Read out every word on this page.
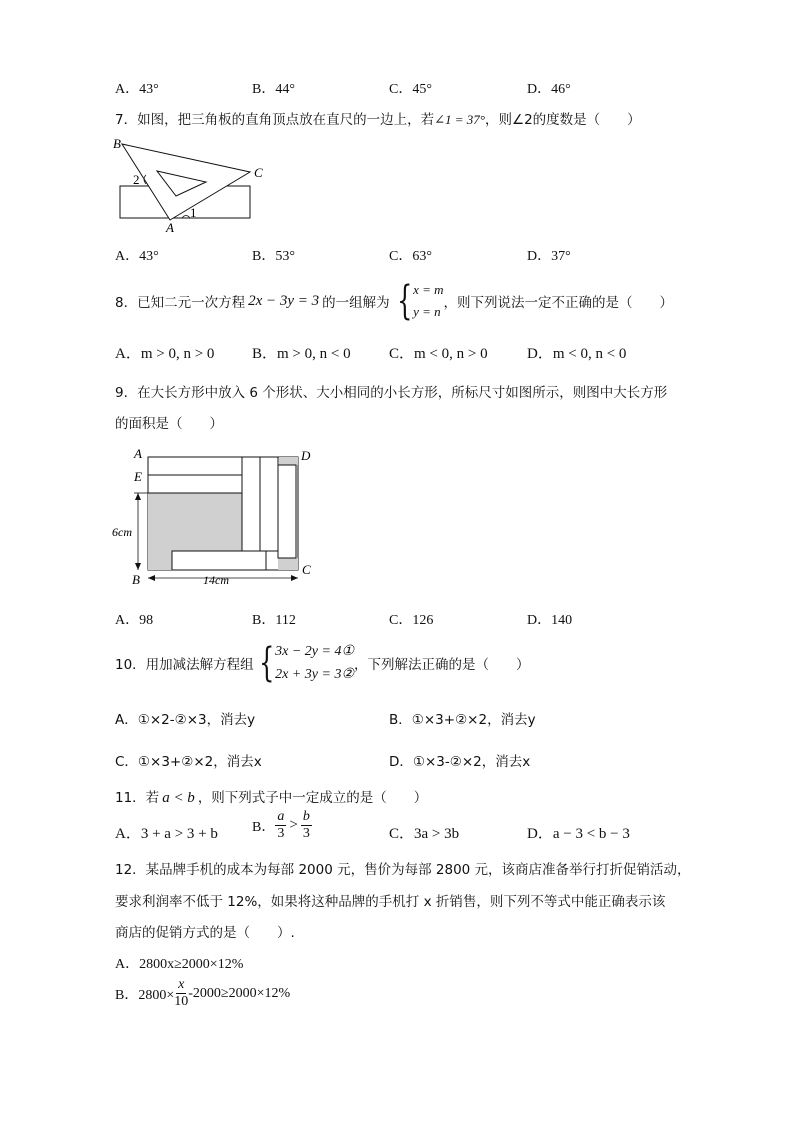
A．43°	B．44°	C．45°	D．46°
7．如图，把三角板的直角顶点放在直尺的一边上，若∠1 = 37°，则∠2的度数是（　　）
B
C
A
2
1
A．43°	B．53°	C．63°	D．37°
8．已知二元一次方程 2x − 3y = 3 的一组解为 { x = m
y = n
，则下列说法一定不正确的是（　　）
A．m > 0, n > 0	B．m > 0, n < 0	C．m < 0, n > 0	D．m < 0, n < 0
9．在大长方形中放入 6 个形状、大小相同的小长方形，所标尺寸如图所示，则图中大长方形
的面积是（　　）
A	D
E
6cm
B
C
14cm
A．98	B．112	C．126	D．140
10．用加减法解方程组 { 3x − 2y = 4①
2x + 3y = 3②
，下列解法正确的是（　　）
A．①×2-②×3，消去y	B．①×3+②×2，消去y
C．①×3+②×2，消去x	D．①×3-②×2，消去x
11．若 a < b ，则下列式子中一定成立的是（　　）
A．3 + a > 3 + b B． $\frac{a}{3} > \frac{b}{3}$	C．3a > 3b	D．a − 3 < b − 3
12．某品牌手机的成本为每部 2000 元，售价为每部 2800 元，该商店准备举行打折促销活动，
要求利润率不低于 12%，如果将这种品牌的手机打 x 折销售，则下列不等式中能正确表示该
商店的促销方式的是（　　）.
A．2800x≥2000×12%
B．$2800\times \frac{x}{10} -2000\ge 2000\times 12\%$
